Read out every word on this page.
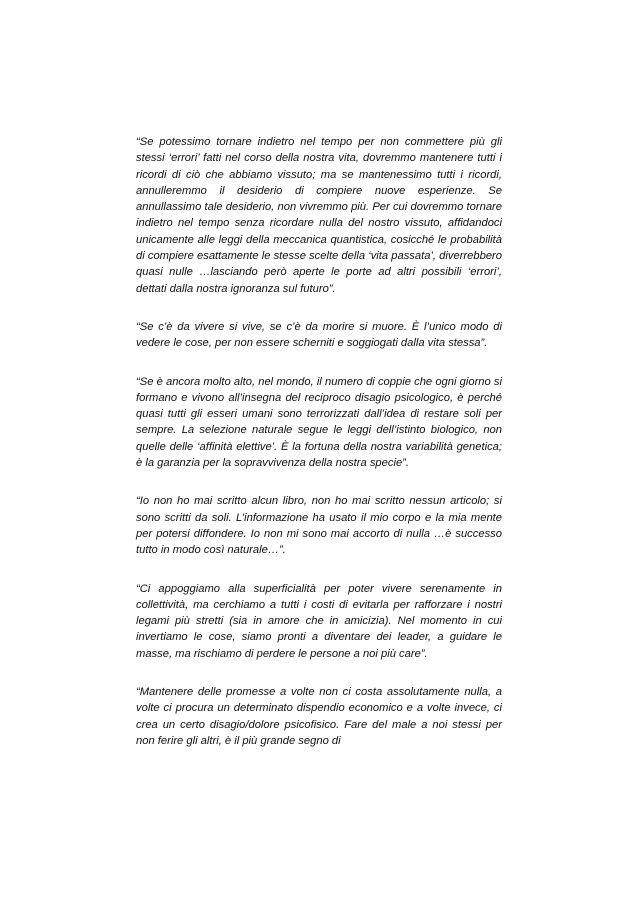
“Se potessimo tornare indietro nel tempo per non commettere più gli stessi ‘errori’ fatti nel corso della nostra vita, dovremmo mantenere tutti i ricordi di ciò che abbiamo vissuto; ma se mantenessimo tutti i ricordi, annulleremmo il desiderio di compiere nuove esperienze. Se annullassimo tale desiderio, non vivremmo più. Per cui dovremmo tornare indietro nel tempo senza ricordare nulla del nostro vissuto, affidandoci unicamente alle leggi della meccanica quantistica, cosicché le probabilità di compiere esattamente le stesse scelte della ‘vita passata’, diverrebbero quasi nulle …lasciando però aperte le porte ad altri possibili ‘errori’, dettati dalla nostra ignoranza sul futuro”.

“Se c’è da vivere si vive, se c’è da morire si muore. È l’unico modo di vedere le cose, per non essere scherniti e soggiogati dalla vita stessa”.

“Se è ancora molto alto, nel mondo, il numero di coppie che ogni giorno si formano e vivono all’insegna del reciproco disagio psicologico, è perché quasi tutti gli esseri umani sono terrorizzati dall’idea di restare soli per sempre. La selezione naturale segue le leggi dell’istinto biologico, non quelle delle ‘affinità elettive’. È la fortuna della nostra variabilità genetica; è la garanzia per la sopravvivenza della nostra specie”.

“Io non ho mai scritto alcun libro, non ho mai scritto nessun articolo; si sono scritti da soli. L’informazione ha usato il mio corpo e la mia mente per potersi diffondere. Io non mi sono mai accorto di nulla …è successo tutto in modo così naturale…”.

“Ci appoggiamo alla superficialità per poter vivere serenamente in collettività, ma cerchiamo a tutti i costi di evitarla per rafforzare i nostri legami più stretti (sia in amore che in amicizia). Nel momento in cui invertiamo le cose, siamo pronti a diventare dei leader, a guidare le masse, ma rischiamo di perdere le persone a noi più care”.

“Mantenere delle promesse a volte non ci costa assolutamente nulla, a volte ci procura un determinato dispendio economico e a volte invece, ci crea un certo disagio/dolore psicofisico. Fare del male a noi stessi per non ferire gli altri, è il più grande segno di
